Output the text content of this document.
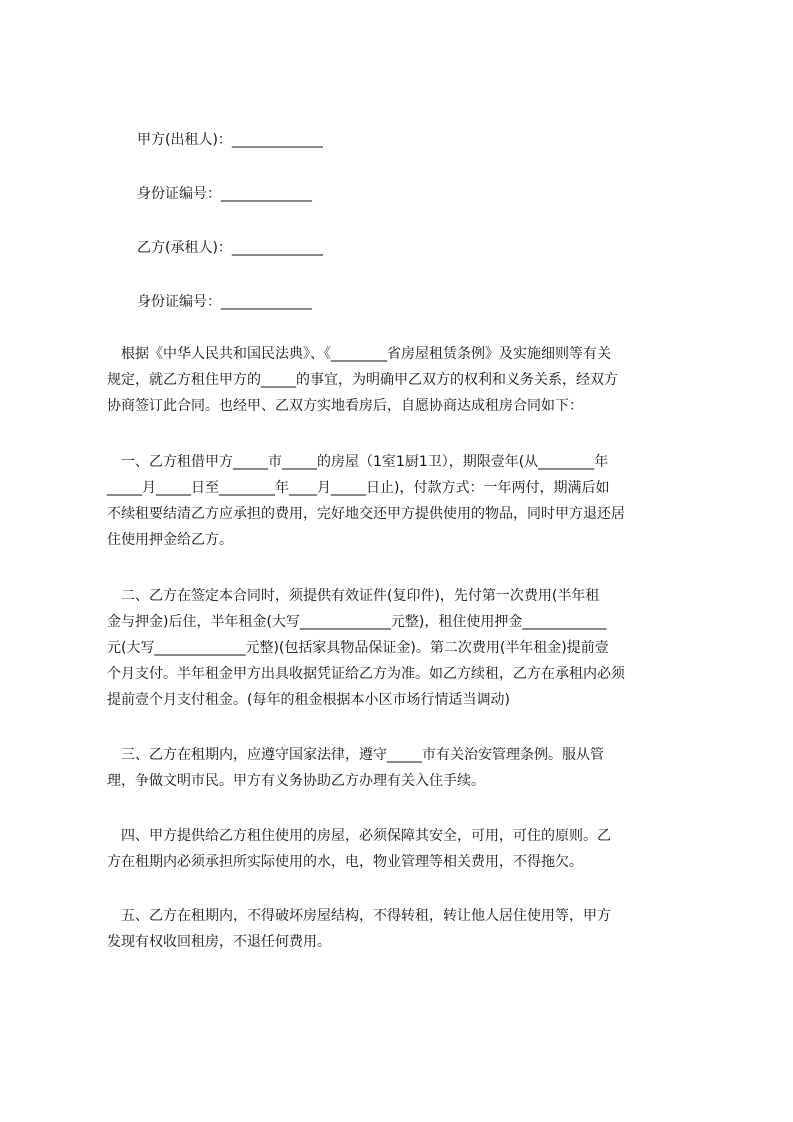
甲方(出租人)：_____________
身份证编号：_____________
乙方(承租人)：_____________
身份证编号：_____________
　根据《中华人民共和国民法典》、《________省房屋租赁条例》及实施细则等有关
规定，就乙方租住甲方的_____的事宜，为明确甲乙双方的权利和义务关系，经双方
协商签订此合同。也经甲、乙双方实地看房后，自愿协商达成租房合同如下：
　一、乙方租借甲方_____市_____的房屋（1室1厨1卫），期限壹年(从________年
_____月_____日至________年____月_____日止)，付款方式：一年两付，期满后如
不续租要结清乙方应承担的费用，完好地交还甲方提供使用的物品，同时甲方退还居
住使用押金给乙方。
　二、乙方在签定本合同时，须提供有效证件(复印件)，先付第一次费用(半年租
金与押金)后住，半年租金(大写_____________元整)，租住使用押金____________
元(大写_____________元整)(包括家具物品保证金)。第二次费用(半年租金)提前壹
个月支付。半年租金甲方出具收据凭证给乙方为准。如乙方续租，乙方在承租内必须
提前壹个月支付租金。(每年的租金根据本小区市场行情适当调动)
　三、乙方在租期内，应遵守国家法律，遵守_____市有关治安管理条例。服从管
理，争做文明市民。甲方有义务协助乙方办理有关入住手续。
　四、甲方提供给乙方租住使用的房屋，必须保障其安全，可用，可住的原则。乙
方在租期内必须承担所实际使用的水，电，物业管理等相关费用，不得拖欠。
　五、乙方在租期内，不得破坏房屋结构，不得转租，转让他人居住使用等，甲方
发现有权收回租房，不退任何费用。
